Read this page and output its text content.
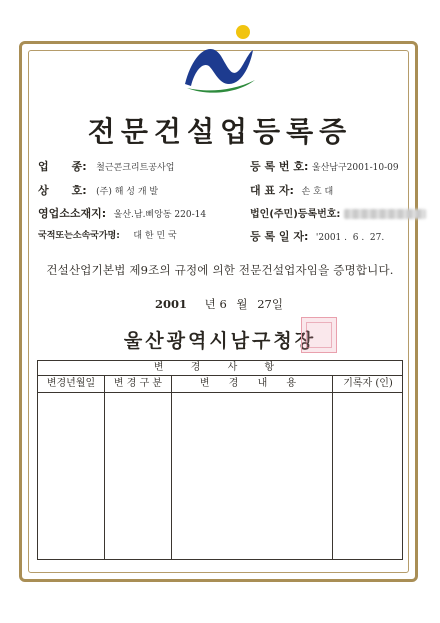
전문건설업등록증
업      종: 철근콘크리트공사업	등 록 번 호: 울산남구2001-10-09
상      호: (주) 해 성 개 발	대 표 자: 손 호 대
영업소소재지: 울산.남.삐앙동 220-14	법인(주민)등록번호:
국적또는소속국가명: 대 한 민 국	등 록 일 자: '2001 .  6 .  27.
건설산업기본법 제9조의 규정에 의한 전문건설업자임을 증명합니다.
2001 년 6 월 27일
울산광역시남구청장
변 경 사 항
변경년월일	변 경 구 분	변 경 내 용	기록자 (인)
